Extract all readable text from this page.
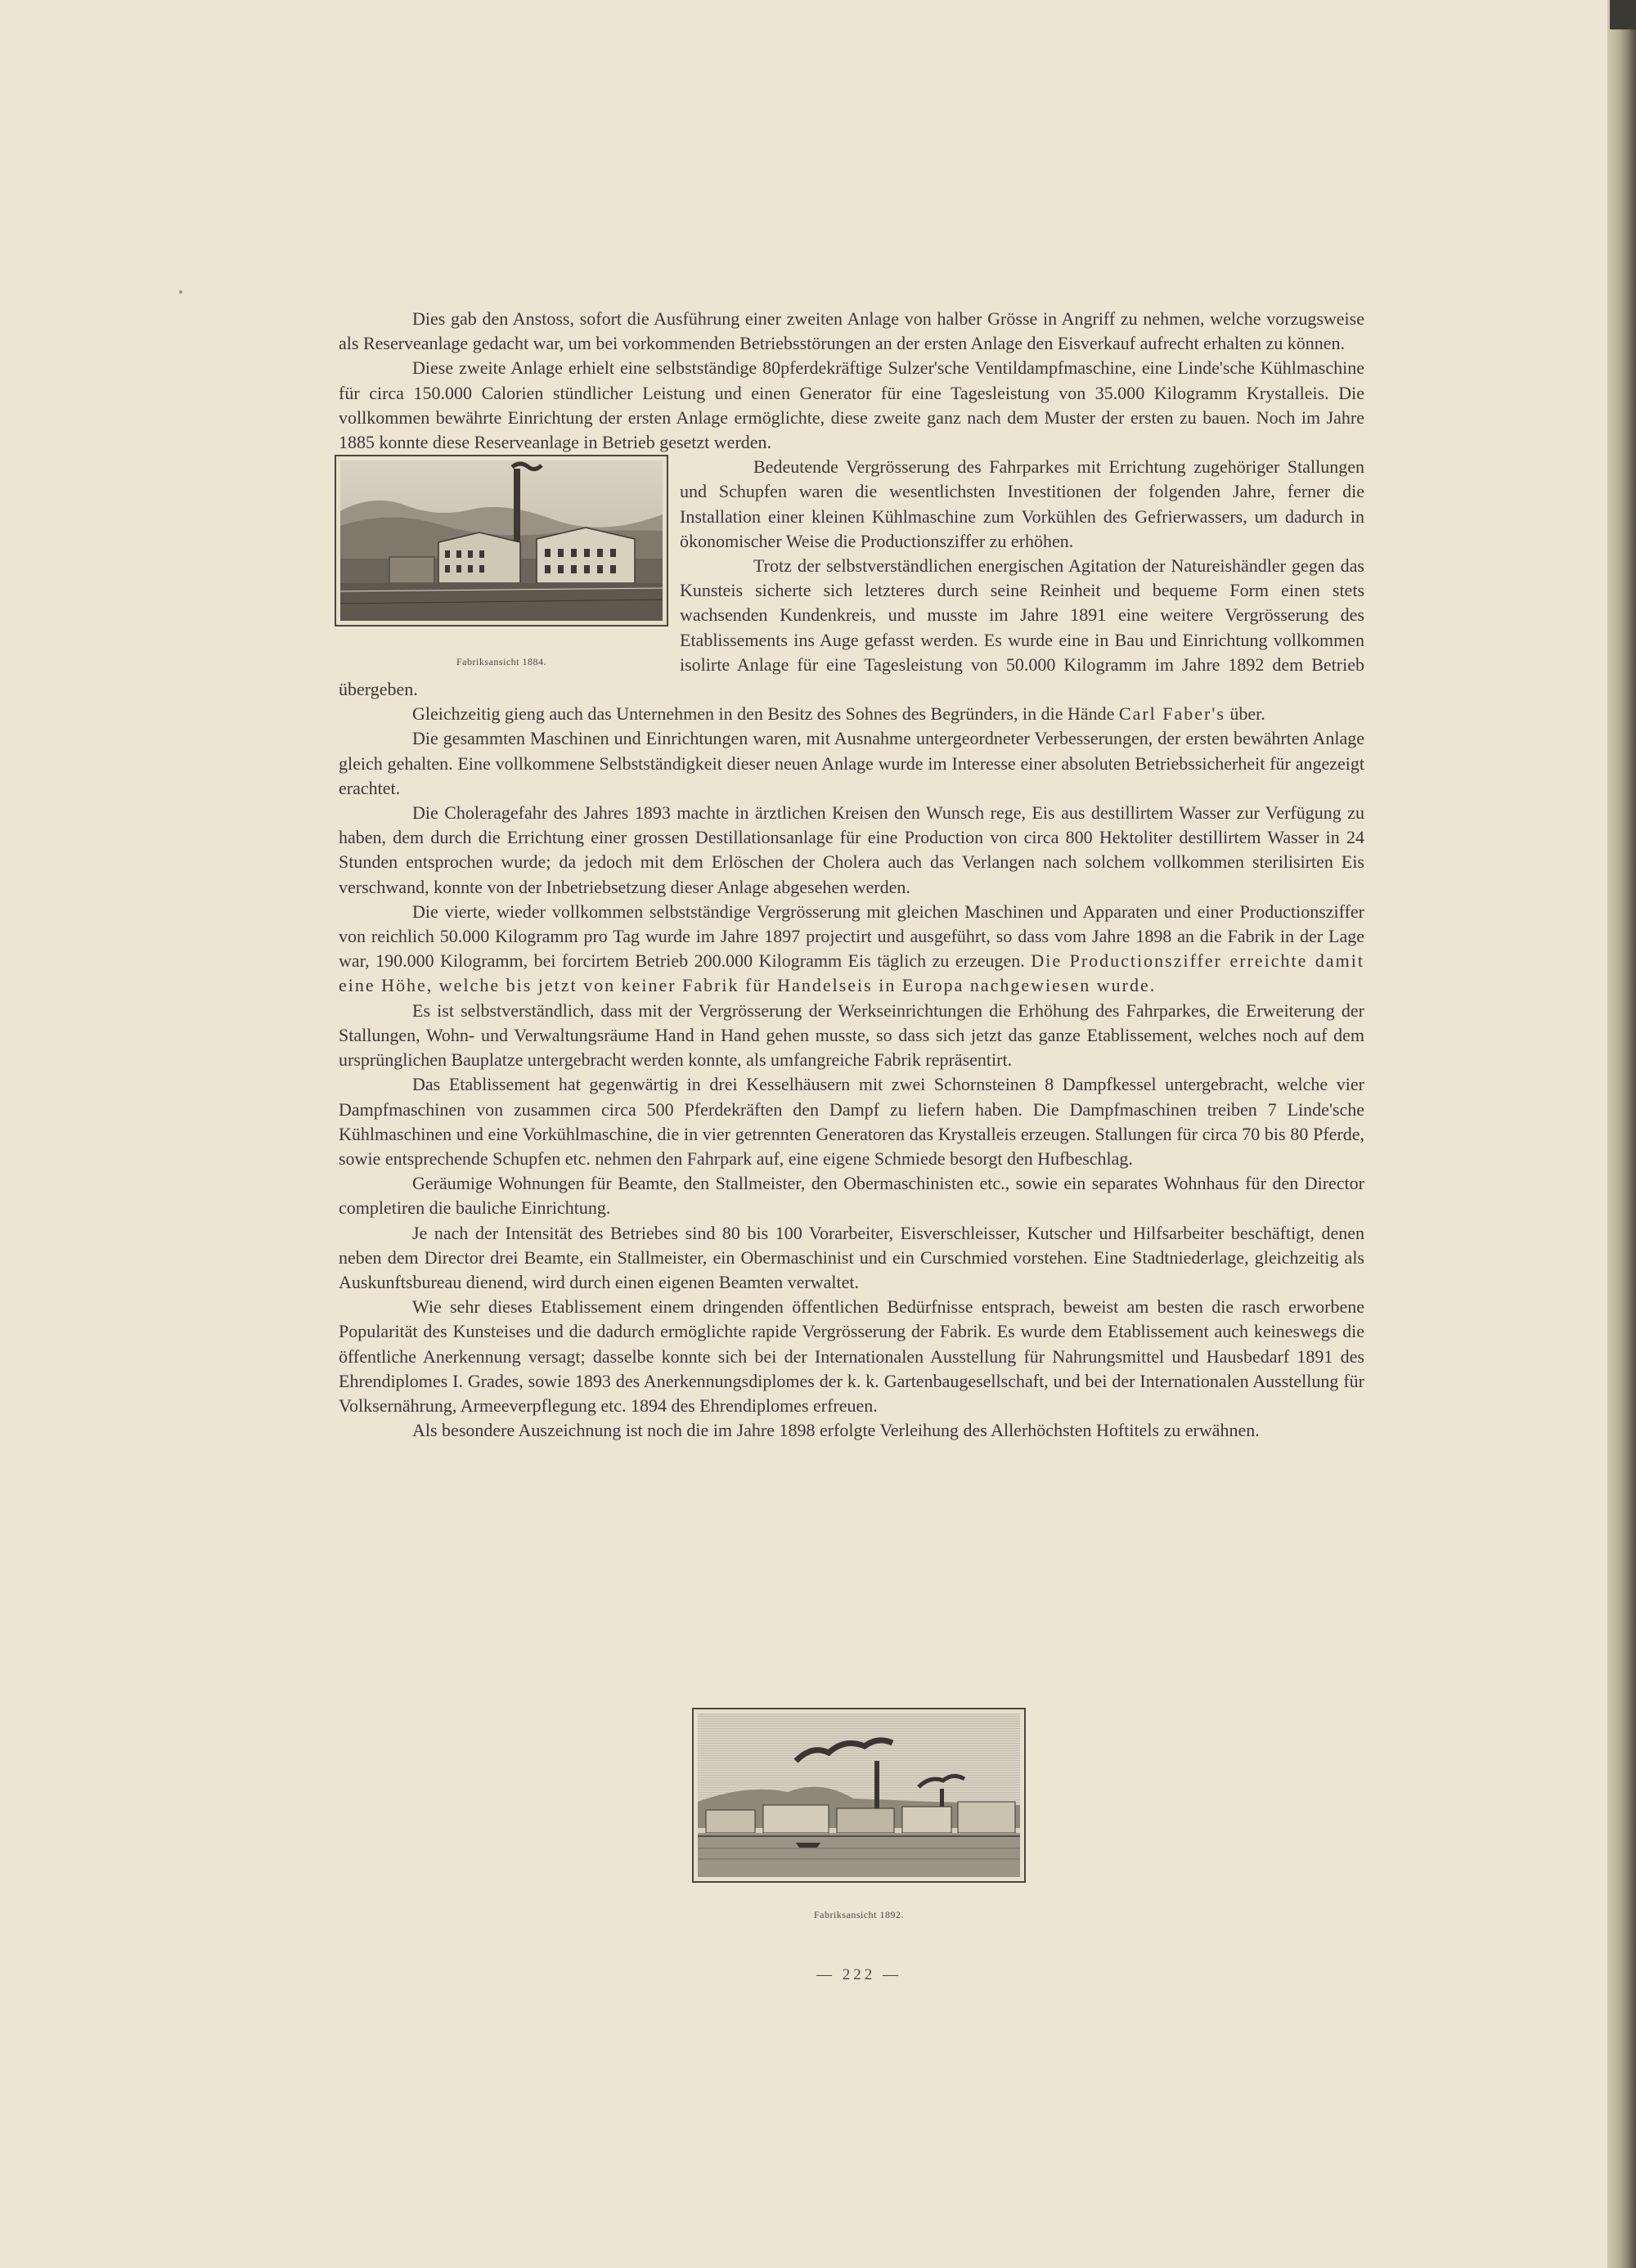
Dies gab den Anstoss, sofort die Ausführung einer zweiten Anlage von halber Grösse in Angriff zu nehmen, welche vorzugsweise als Reserveanlage gedacht war, um bei vorkommenden Betriebsstörungen an der ersten Anlage den Eisverkauf aufrecht erhalten zu können.

Diese zweite Anlage erhielt eine selbstständige 80pferdekräftige Sulzer'sche Ventildampfmaschine, eine Linde'sche Kühlmaschine für circa 150.000 Calorien stündlicher Leistung und einen Generator für eine Tagesleistung von 35.000 Kilogramm Krystalleis. Die vollkommen bewährte Einrichtung der ersten Anlage ermöglichte, diese zweite ganz nach dem Muster der ersten zu bauen. Noch im Jahre 1885 konnte diese Reserveanlage in Betrieb gesetzt werden.

Fabriksansicht 1884.

Bedeutende Vergrösserung des Fahrparkes mit Errichtung zugehöriger Stallungen und Schupfen waren die wesentlichsten Investitionen der folgenden Jahre, ferner die Installation einer kleinen Kühlmaschine zum Vorkühlen des Gefrierwassers, um dadurch in ökonomischer Weise die Productionsziffer zu erhöhen.

Trotz der selbstverständlichen energischen Agitation der Natureishändler gegen das Kunsteis sicherte sich letzteres durch seine Reinheit und bequeme Form einen stets wachsenden Kundenkreis, und musste im Jahre 1891 eine weitere Vergrösserung des Etablissements ins Auge gefasst werden. Es wurde eine in Bau und Einrichtung vollkommen isolirte Anlage für eine Tagesleistung von 50.000 Kilogramm im Jahre 1892 dem Betrieb übergeben.

Gleichzeitig gieng auch das Unternehmen in den Besitz des Sohnes des Begründers, in die Hände Carl Faber's über.

Die gesammten Maschinen und Einrichtungen waren, mit Ausnahme untergeordneter Verbesserungen, der ersten bewährten Anlage gleich gehalten. Eine vollkommene Selbstständigkeit dieser neuen Anlage wurde im Interesse einer absoluten Betriebssicherheit für angezeigt erachtet.

Die Choleragefahr des Jahres 1893 machte in ärztlichen Kreisen den Wunsch rege, Eis aus destillirtem Wasser zur Verfügung zu haben, dem durch die Errichtung einer grossen Destillationsanlage für eine Production von circa 800 Hektoliter destillirtem Wasser in 24 Stunden entsprochen wurde; da jedoch mit dem Erlöschen der Cholera auch das Verlangen nach solchem vollkommen sterilisirten Eis verschwand, konnte von der Inbetriebsetzung dieser Anlage abgesehen werden.

Die vierte, wieder vollkommen selbstständige Vergrösserung mit gleichen Maschinen und Apparaten und einer Productionsziffer von reichlich 50.000 Kilogramm pro Tag wurde im Jahre 1897 projectirt und ausgeführt, so dass vom Jahre 1898 an die Fabrik in der Lage war, 190.000 Kilogramm, bei forcirtem Betrieb 200.000 Kilogramm Eis täglich zu erzeugen. Die Productionsziffer erreichte damit eine Höhe, welche bis jetzt von keiner Fabrik für Handelseis in Europa nachgewiesen wurde.

Es ist selbstverständlich, dass mit der Vergrösserung der Werkseinrichtungen die Erhöhung des Fahrparkes, die Erweiterung der Stallungen, Wohn- und Verwaltungsräume Hand in Hand gehen musste, so dass sich jetzt das ganze Etablissement, welches noch auf dem ursprünglichen Bauplatze untergebracht werden konnte, als umfangreiche Fabrik repräsentirt.

Das Etablissement hat gegenwärtig in drei Kesselhäusern mit zwei Schornsteinen 8 Dampfkessel untergebracht, welche vier Dampfmaschinen von zusammen circa 500 Pferdekräften den Dampf zu liefern haben. Die Dampfmaschinen treiben 7 Linde'sche Kühlmaschinen und eine Vorkühlmaschine, die in vier getrennten Generatoren das Krystalleis erzeugen. Stallungen für circa 70 bis 80 Pferde, sowie entsprechende Schupfen etc. nehmen den Fahrpark auf, eine eigene Schmiede besorgt den Hufbeschlag.

Geräumige Wohnungen für Beamte, den Stallmeister, den Obermaschinisten etc., sowie ein separates Wohnhaus für den Director completiren die bauliche Einrichtung.

Je nach der Intensität des Betriebes sind 80 bis 100 Vorarbeiter, Eisverschleisser, Kutscher und Hilfsarbeiter beschäftigt, denen neben dem Director drei Beamte, ein Stallmeister, ein Obermaschinist und ein Curschmied vorstehen. Eine Stadtniederlage, gleichzeitig als Auskunftsbureau dienend, wird durch einen eigenen Beamten verwaltet.

Wie sehr dieses Etablissement einem dringenden öffentlichen Bedürfnisse entsprach, beweist am besten die rasch erworbene Popularität des Kunsteises und die dadurch ermöglichte rapide Vergrösserung der Fabrik. Es wurde dem Etablissement auch keineswegs die öffentliche Anerkennung versagt; dasselbe konnte sich bei der Internationalen Ausstellung für Nahrungsmittel und Hausbedarf 1891 des Ehrendiplomes I. Grades, sowie 1893 des Anerkennungsdiplomes der k. k. Gartenbaugesellschaft, und bei der Internationalen Ausstellung für Volksernährung, Armeeverpflegung etc. 1894 des Ehrendiplomes erfreuen.

Als besondere Auszeichnung ist noch die im Jahre 1898 erfolgte Verleihung des Allerhöchsten Hoftitels zu erwähnen.

Fabriksansicht 1892.
— 222 —
